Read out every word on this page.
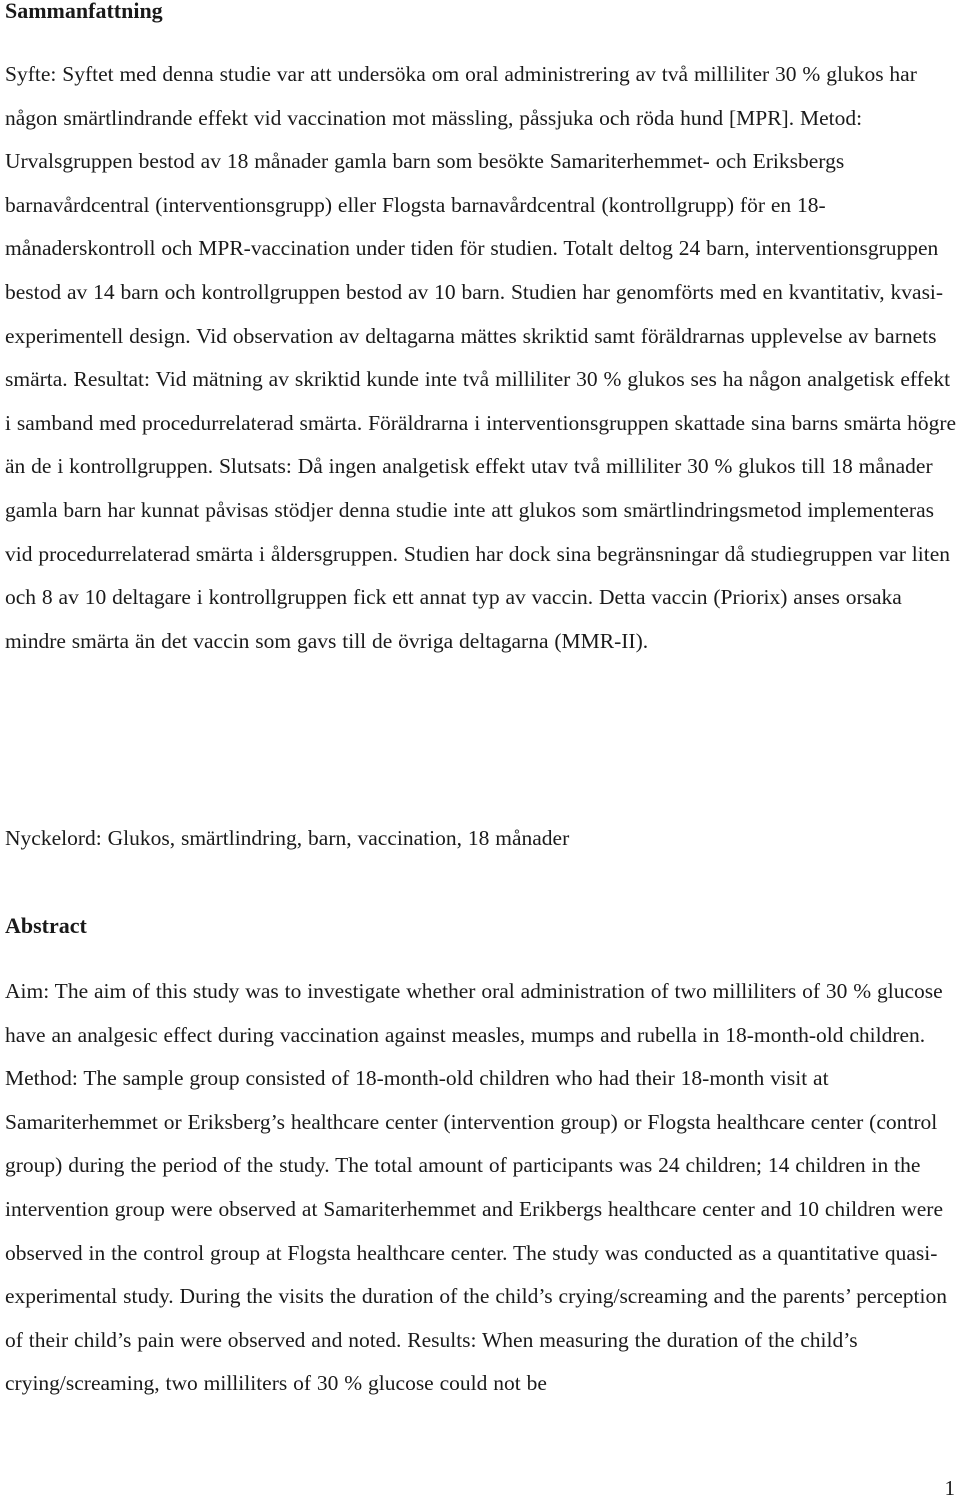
Sammanfattning

Syfte: Syftet med denna studie var att undersöka om oral administrering av två milliliter 30 % glukos har någon smärtlindrande effekt vid vaccination mot mässling, påssjuka och röda hund [MPR]. Metod: Urvalsgruppen bestod av 18 månader gamla barn som besökte Samariterhemmet- och Eriksbergs barnavårdcentral (interventionsgrupp) eller Flogsta barnavårdcentral (kontrollgrupp) för en 18-månaderskontroll och MPR-vaccination under tiden för studien. Totalt deltog 24 barn, interventionsgruppen bestod av 14 barn och kontrollgruppen bestod av 10 barn. Studien har genomförts med en kvantitativ, kvasi-experimentell design. Vid observation av deltagarna mättes skriktid samt föräldrarnas upplevelse av barnets smärta. Resultat: Vid mätning av skriktid kunde inte två milliliter 30 % glukos ses ha någon analgetisk effekt i samband med procedurrelaterad smärta. Föräldrarna i interventionsgruppen skattade sina barns smärta högre än de i kontrollgruppen. Slutsats: Då ingen analgetisk effekt utav två milliliter 30 % glukos till 18 månader gamla barn har kunnat påvisas stödjer denna studie inte att glukos som smärtlindringsmetod implementeras vid procedurrelaterad smärta i åldersgruppen. Studien har dock sina begränsningar då studiegruppen var liten och 8 av 10 deltagare i kontrollgruppen fick ett annat typ av vaccin. Detta vaccin (Priorix) anses orsaka mindre smärta än det vaccin som gavs till de övriga deltagarna (MMR-II).

Nyckelord: Glukos, smärtlindring, barn, vaccination, 18 månader

Abstract

Aim: The aim of this study was to investigate whether oral administration of two milliliters of 30 % glucose have an analgesic effect during vaccination against measles, mumps and rubella in 18-month-old children. Method: The sample group consisted of 18-month-old children who had their 18-month visit at Samariterhemmet or Eriksberg’s healthcare center (intervention group) or Flogsta healthcare center (control group) during the period of the study. The total amount of participants was 24 children; 14 children in the intervention group were observed at Samariterhemmet and Erikbergs healthcare center and 10 children were observed in the control group at Flogsta healthcare center. The study was conducted as a quantitative quasi-experimental study. During the visits the duration of the child’s crying/screaming and the parents’ perception of their child’s pain were observed and noted. Results: When measuring the duration of the child’s crying/screaming, two milliliters of 30 % glucose could not be

1
